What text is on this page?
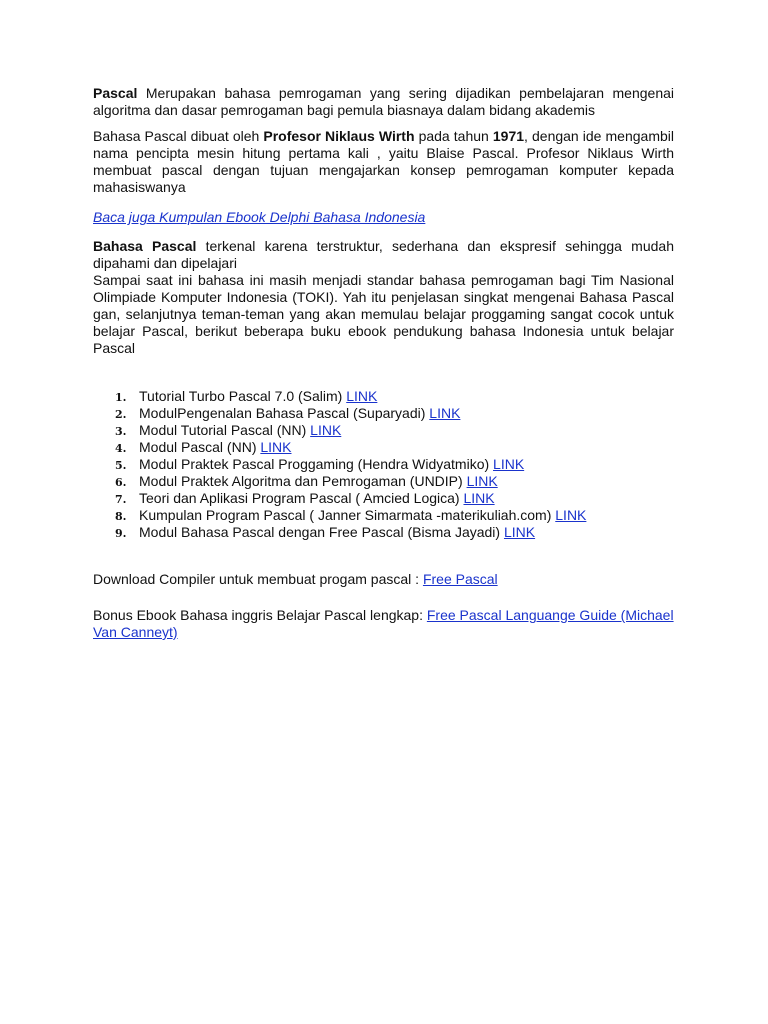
Pascal Merupakan bahasa pemrogaman yang sering dijadikan pembelajaran mengenai algoritma dan dasar pemrogaman bagi pemula biasnaya dalam bidang akademis

Bahasa Pascal dibuat oleh Profesor Niklaus Wirth pada tahun 1971, dengan ide mengambil nama pencipta mesin hitung pertama kali , yaitu Blaise Pascal. Profesor Niklaus Wirth membuat pascal dengan tujuan mengajarkan konsep pemrogaman komputer kepada mahasiswanya

Baca juga Kumpulan Ebook Delphi Bahasa Indonesia

Bahasa Pascal terkenal karena terstruktur, sederhana dan ekspresif sehingga mudah dipahami dan dipelajari

Sampai saat ini bahasa ini masih menjadi standar bahasa pemrogaman bagi Tim Nasional Olimpiade Komputer Indonesia (TOKI). Yah itu penjelasan singkat mengenai Bahasa Pascal gan, selanjutnya teman-teman yang akan memulau belajar proggaming sangat cocok untuk belajar Pascal, berikut beberapa buku ebook pendukung bahasa Indonesia untuk belajar Pascal

1. Tutorial Turbo Pascal 7.0 (Salim) LINK
2. ModulPengenalan Bahasa Pascal (Suparyadi) LINK
3. Modul Tutorial Pascal (NN) LINK
4. Modul Pascal (NN) LINK
5. Modul Praktek Pascal Proggaming (Hendra Widyatmiko) LINK
6. Modul Praktek Algoritma dan Pemrogaman (UNDIP) LINK
7. Teori dan Aplikasi Program Pascal ( Amcied Logica) LINK
8. Kumpulan Program Pascal ( Janner Simarmata -materikuliah.com) LINK
9. Modul Bahasa Pascal dengan Free Pascal (Bisma Jayadi) LINK

Download Compiler untuk membuat progam pascal : Free Pascal

Bonus Ebook Bahasa inggris Belajar Pascal lengkap: Free Pascal Languange Guide (Michael Van Canneyt)
